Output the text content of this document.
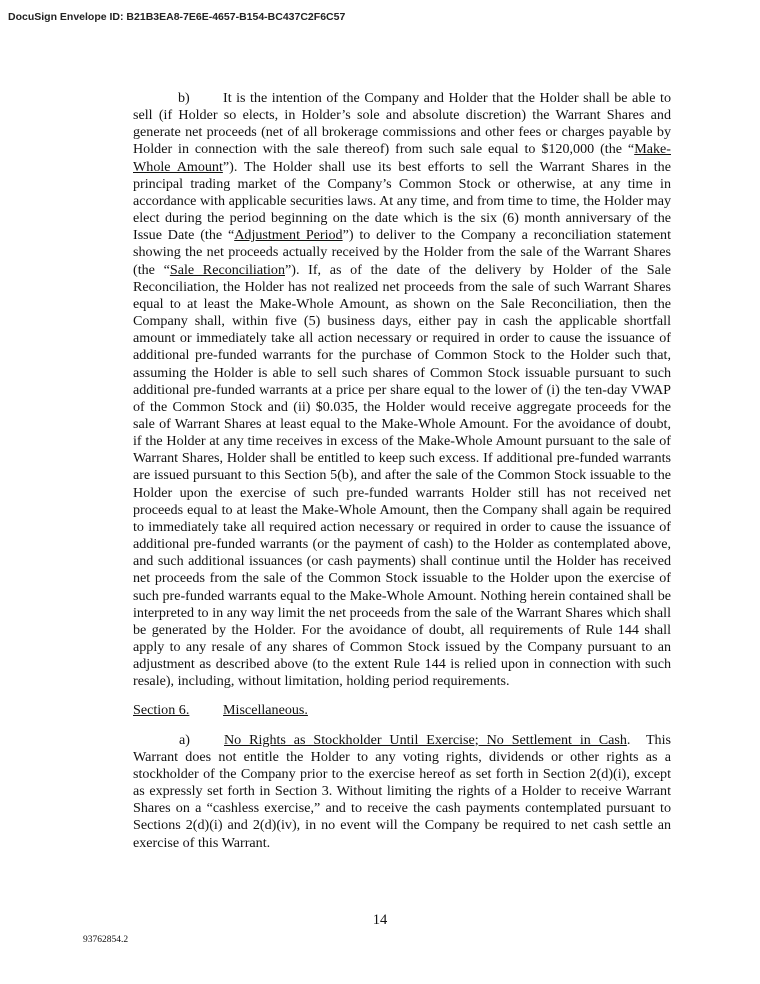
DocuSign Envelope ID: B21B3EA8-7E6E-4657-B154-BC437C2F6C57

b) It is the intention of the Company and Holder that the Holder shall be able to sell (if Holder so elects, in Holder’s sole and absolute discretion) the Warrant Shares and generate net proceeds (net of all brokerage commissions and other fees or charges payable by Holder in connection with the sale thereof) from such sale equal to $120,000 (the “Make-Whole Amount”). The Holder shall use its best efforts to sell the Warrant Shares in the principal trading market of the Company’s Common Stock or otherwise, at any time in accordance with applicable securities laws. At any time, and from time to time, the Holder may elect during the period beginning on the date which is the six (6) month anniversary of the Issue Date (the “Adjustment Period”) to deliver to the Company a reconciliation statement showing the net proceeds actually received by the Holder from the sale of the Warrant Shares (the “Sale Reconciliation”). If, as of the date of the delivery by Holder of the Sale Reconciliation, the Holder has not realized net proceeds from the sale of such Warrant Shares equal to at least the Make-Whole Amount, as shown on the Sale Reconciliation, then the Company shall, within five (5) business days, either pay in cash the applicable shortfall amount or immediately take all action necessary or required in order to cause the issuance of additional pre-funded warrants for the purchase of Common Stock to the Holder such that, assuming the Holder is able to sell such shares of Common Stock issuable pursuant to such additional pre-funded warrants at a price per share equal to the lower of (i) the ten-day VWAP of the Common Stock and (ii) $0.035, the Holder would receive aggregate proceeds for the sale of Warrant Shares at least equal to the Make-Whole Amount. For the avoidance of doubt, if the Holder at any time receives in excess of the Make-Whole Amount pursuant to the sale of Warrant Shares, Holder shall be entitled to keep such excess. If additional pre-funded warrants are issued pursuant to this Section 5(b), and after the sale of the Common Stock issuable to the Holder upon the exercise of such pre-funded warrants Holder still has not received net proceeds equal to at least the Make-Whole Amount, then the Company shall again be required to immediately take all required action necessary or required in order to cause the issuance of additional pre-funded warrants (or the payment of cash) to the Holder as contemplated above, and such additional issuances (or cash payments) shall continue until the Holder has received net proceeds from the sale of the Common Stock issuable to the Holder upon the exercise of such pre-funded warrants equal to the Make-Whole Amount. Nothing herein contained shall be interpreted to in any way limit the net proceeds from the sale of the Warrant Shares which shall be generated by the Holder. For the avoidance of doubt, all requirements of Rule 144 shall apply to any resale of any shares of Common Stock issued by the Company pursuant to an adjustment as described above (to the extent Rule 144 is relied upon in connection with such resale), including, without limitation, holding period requirements.

Section 6. Miscellaneous.

a) No Rights as Stockholder Until Exercise; No Settlement in Cash. This Warrant does not entitle the Holder to any voting rights, dividends or other rights as a stockholder of the Company prior to the exercise hereof as set forth in Section 2(d)(i), except as expressly set forth in Section 3. Without limiting the rights of a Holder to receive Warrant Shares on a “cashless exercise,” and to receive the cash payments contemplated pursuant to Sections 2(d)(i) and 2(d)(iv), in no event will the Company be required to net cash settle an exercise of this Warrant.

14
93762854.2
